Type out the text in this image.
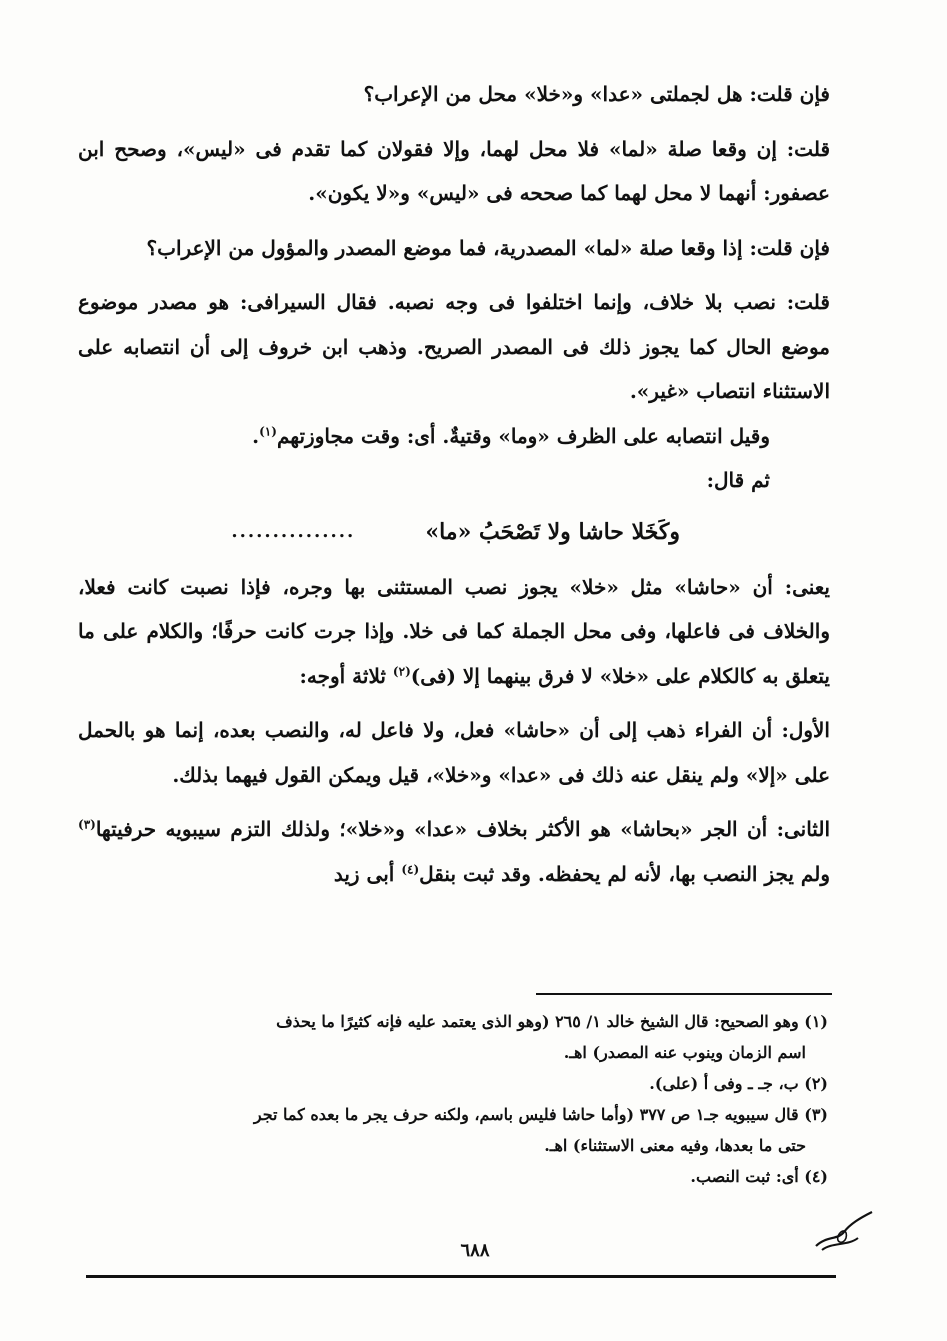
فإن قلت: هل لجملتى «عدا» و«خلا» محل من الإعراب؟

قلت: إن وقعا صلة «لما» فلا محل لهما، وإلا فقولان كما تقدم فى «ليس»، وصحح ابن عصفور: أنهما لا محل لهما كما صححه فى «ليس» و«لا يكون».

فإن قلت: إذا وقعا صلة «لما» المصدرية، فما موضع المصدر والمؤول من الإعراب؟

قلت: نصب بلا خلاف، وإنما اختلفوا فى وجه نصبه. فقال السيرافى: هو مصدر موضوع موضع الحال كما يجوز ذلك فى المصدر الصريح. وذهب ابن خروف إلى أن انتصابه على الاستثناء انتصاب «غير».

وقيل انتصابه على الظرف «وما» وقتيةٌ. أى: وقت مجاوزتهم$^{(١)}$.

ثم قال:

وكَخَلا حاشا ولا تَصْحَبُ «ما»
...............

يعنى: أن «حاشا» مثل «خلا» يجوز نصب المستثنى بها وجره، فإذا نصبت كانت فعلا، والخلاف فى فاعلها، وفى محل الجملة كما فى خلا. وإذا جرت كانت حرفًا؛ والكلام على ما يتعلق به كالكلام على «خلا» لا فرق بينهما إلا (فى)$^{(٢)}$ ثلاثة أوجه:

الأول: أن الفراء ذهب إلى أن «حاشا» فعل، ولا فاعل له، والنصب بعده، إنما هو بالحمل على «إلا» ولم ينقل عنه ذلك فى «عدا» و«خلا»، قيل ويمكن القول فيهما بذلك.

الثانى: أن الجر «بحاشا» هو الأكثر بخلاف «عدا» و«خلا»؛ ولذلك التزم سيبويه حرفيتها$^{(٣)}$ ولم يجز النصب بها، لأنه لم يحفظه. وقد ثبت بنقل$^{(٤)}$ أبى زيد

(١) وهو الصحيح: قال الشيخ خالد ١/ ٢٦٥ (وهو الذى يعتمد عليه فإنه كثيرًا ما يحذف
اسم الزمان وينوب عنه المصدر) اهـ.

(٢) ب، جـ ـ وفى أ (على).

(٣) قال سيبويه جـ١ ص ٣٧٧ (وأما حاشا فليس باسم، ولكنه حرف يجر ما بعده كما تجر
حتى ما بعدها، وفيه معنى الاستثناء) اهـ.

(٤) أى: ثبت النصب.

٦٨٨
